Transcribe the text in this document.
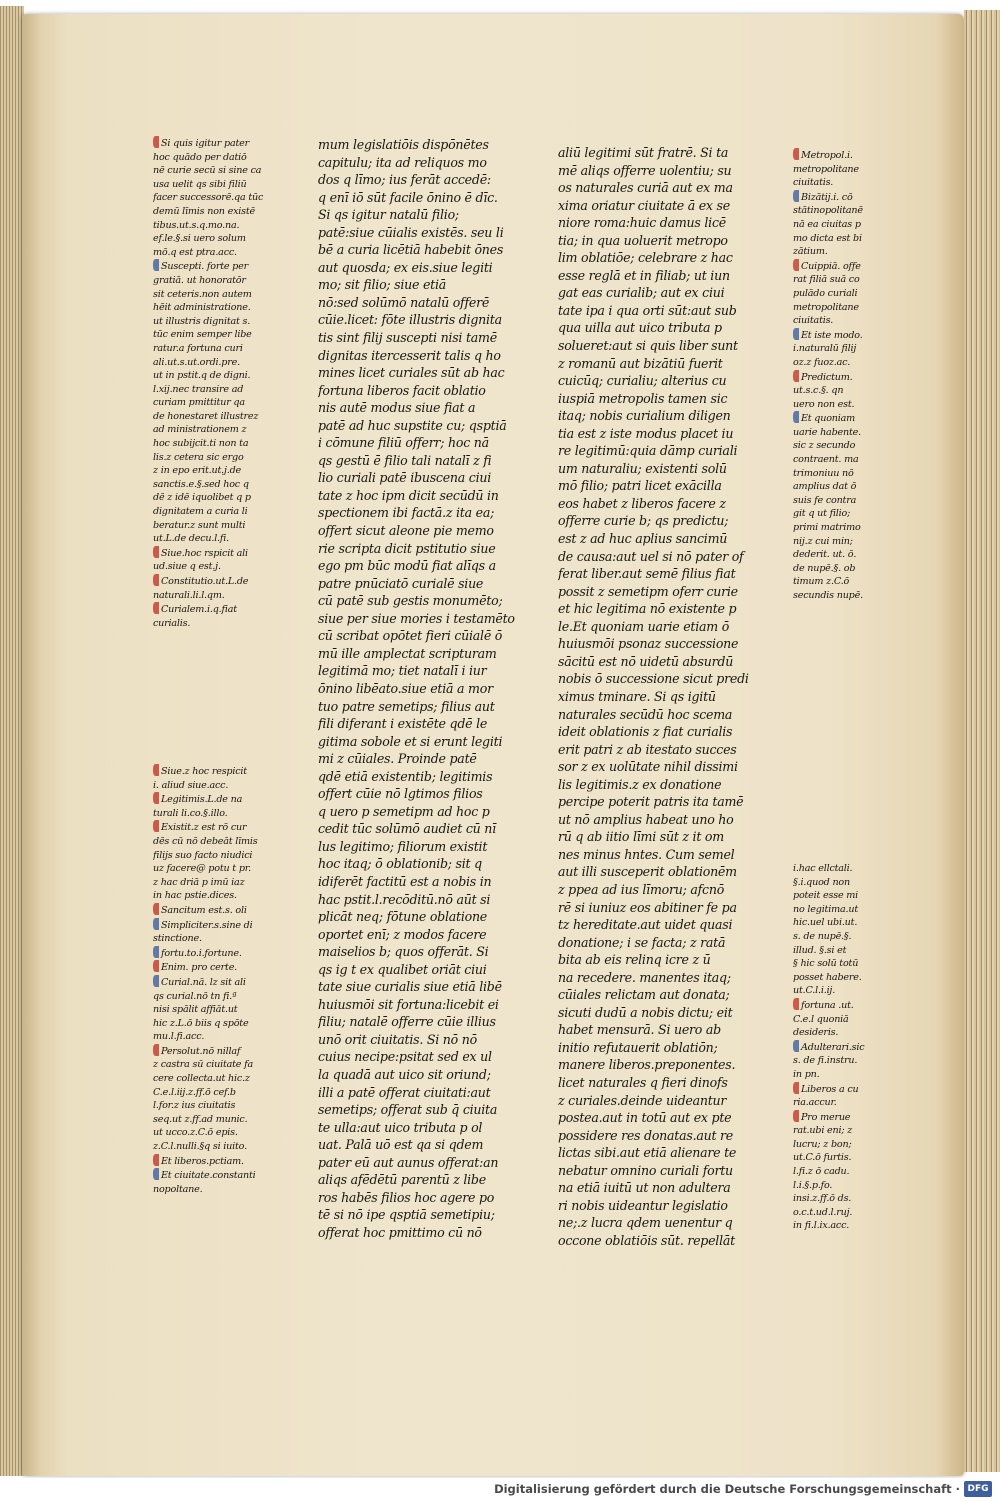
Si quis igitur pater
hoc quādo per datiō
nē curie secū si sine ca
usa uelit qs sibi filiū
facer successorē.qa tūc
demū līmis non existē
tibus.ut.s.q.mo.na.
ef.le.§.si uero solum
mō.q est ptra.acc.
Suscepti. forte per
gratiā. ut honoratōr
sit ceteris.non autem
hēit administratione.
ut illustris dignitat s.
tūc enim semper libe
ratur.a fortuna curi
ali.ut.s.ut.ordi.pre.
ut in pstit.q de digni.
l.xij.nec transire ad
curiam pmittitur qa
de honestaret illustrez
ad ministrationem z
hoc subijcit.ti non ta
lis.z cetera sic ergo
z in epo erit.ut.j.de
sanctis.e.§.sed hoc q
dē z idē iquolibet q p
dignitatem a curia li
beratur.z sunt multi
ut.L.de decu.l.fi.
Siue.hoc rspicit ali
ud.siue q est.j.
Constitutio.ut.L.de
naturali.li.l.qm.
Curialem.i.q.fiat
curialis.
Siue.z hoc respicit
i. aliud siue.acc.
Legitimis.L.de na
turali li.co.§.illo.
Existit.z est rō cur
dēs cū nō debeāt līmis
filijs suo facto niudici
uz facere@ potu t pr.
z hac driā p imū iaz
in hac pstie.dices.
Sancitum est.s. oli
Simpliciter.s.sine di
stinctione.
fortu.to.i.fortune.
Enim. pro certe.
Curial.nā. lz sit ali
qs curial.nō tn fi.ª
nisi spālit affiāt.ut
hic z.L.ō biis q spōte
mu.l.fi.acc.
Persolut.nō nillaf
z castra sū ciuitate fa
cere collecta.ut hic.z
C.e.l.iij.z.ff.ō cef.b
l.for.z ius ciuitatis
seq.ut z.ff.ad munic.
ut ucco.z.C.ō epis.
z.C.l.nulli.§q si iuito.
Et liberos.pctiam.
Et ciuitate.constanti
nopoltane.
mum legislatiōis dispōnētes
capitulu; ita ad reliquos mo
dos q līmo; ius ferāt accedē:
q enī iō sūt facile ōnino ē dīc.
Si qs igitur natalū filio;
patē:siue cūialis existēs. seu li
bē a curia licētiā habebit ōnes
aut quosda; ex eis.siue legiti
mo; sit filio; siue etiā
nō:sed solūmō natalū offerē
cūie.licet: fōte illustris dignita
tis sint filij suscepti nisi tamē
dignitas itercesserit talis q ho
mines licet curiales sūt ab hac
fortuna liberos facit oblatio
nis autē modus siue fiat a
patē ad huc supstite cu; qsptiā
i cōmune filiū offerr; hoc nā
qs gestū ē filio tali natalī z fi
lio curiali patē ibuscena ciui
tate z hoc ipm dicit secūdū in
spectionem ibi factā.z ita ea;
offert sicut aleone pie memo
rie scripta dicit pstitutio siue
ego pm būc modū fiat alīqs a
patre pnūciatō curialē siue
cū patē sub gestis monumēto;
siue per siue mories i testamēto
cū scribat opōtet fieri cūialē ō
mū ille amplectat scripturam
legitimā mo; tiet natalī i iur
ōnino libēato.siue etiā a mor
tuo patre semetips; filius aut
fili diferant i existēte qdē le
gitima sobole et si erunt legiti
mi z cūiales. Proinde patē
qdē etiā existentib; legitimis
offert cūie nō lgtimos filios
q uero p semetipm ad hoc p
cedit tūc solūmō audiet cū nī
lus legitimo; filiorum existit
hoc itaq; ō oblationib; sit q
idiferēt factitū est a nobis in
hac pstit.l.recōditū.nō aūt si
plicāt neq; fōtune oblatione
oportet enī; z modos facere
maiselios b; quos offerāt. Si
qs ig t ex qualibet oriāt ciui
tate siue curialis siue etiā libē
huiusmōi sit fortuna:licebit ei
filiu; natalē offerre cūie illius
unō orit ciuitatis. Si nō nō
cuius necipe:psitat sed ex ul
la quadā aut uico sit oriund;
illi a patē offerat ciuitati:aut
semetips; offerat sub q̄ ciuita
te ulla:aut uico tributa p ol
uat. Palā uō est qa si qdem
pater eū aut aunus offerat:an
aliqs afēdētū parentū z libe
ros habēs filios hoc agere po
tē si nō ipe qsptiā semetipiu;
offerat hoc pmittimo cū nō
aliū legitimi sūt fratrē. Si ta
mē aliqs offerre uolentiu; su
os naturales curiā aut ex ma
xima oriatur ciuitate ā ex se
niore roma:huic damus licē
tia; in qua uoluerit metropo
lim oblatiōe; celebrare z hac
esse reglā et in filiab; ut iun
gat eas curialib; aut ex ciui
tate ipa i qua orti sūt:aut sub
qua uilla aut uico tributa p
solueret:aut si quis liber sunt
z romanū aut bizātiū fuerit
cuicūq; curialiu; alterius cu
iuspiā metropolis tamen sic
itaq; nobis curialium diligen
tia est z iste modus placet iu
re legitimū:quia dāmp curiali
um naturaliu; existenti solū
mō filio; patri licet exācilla
eos habet z liberos facere z
offerre curie b; qs predictu;
est z ad huc aplius sancimū
de causa:aut uel si nō pater of
ferat liber.aut semē filius fiat
possit z semetipm oferr curie
et hic legitima nō existente p
le.Et quoniam uarie etiam ō
huiusmōi psonaz successione
sācitū est nō uidetū absurdū
nobis ō successione sicut predi
ximus tminare. Si qs igitū
naturales secūdū hoc scema
ideit oblationis z fiat curialis
erit patri z ab itestato succes
sor z ex uolūtate nihil dissimi
lis legitimis.z ex donatione
percipe poterit patris ita tamē
ut nō amplius habeat uno ho
rū q ab iitio līmi sūt z it om
nes minus hntes. Cum semel
aut illi susceperit oblationēm
z ppea ad ius līmoru; afcnō
rē si iuniuz eos abitiner fe pa
tz hereditate.aut uidet quasi
donatione; i se facta; z ratā
bita ab eis relinq icre z ū
na recedere. manentes itaq;
cūiales relictam aut donata;
sicuti dudū a nobis dictu; eit
habet mensurā. Si uero ab
initio refutauerit oblatiōn;
manere liberos.preponentes.
licet naturales q fieri dinofs
z curiales.deinde uideantur
postea.aut in totū aut ex pte
possidere res donatas.aut re
lictas sibi.aut etiā alienare te
nebatur omnino curiali fortu
na etiā iuitū ut non adultera
ri nobis uideantur legislatio
ne;.z lucra qdem uenentur q
occone oblatiōis sūt. repellāt
Metropol.i.
metropolitane
ciuitatis.
Bizātij.i. cō
stātinopolitanē
nā ea ciuitas p
mo dicta est bi
zātium.
Cuippiā. offe
rat filiā suā co
pulādo curiali
metropolitane
ciuitatis.
Et iste modo.
i.naturalū filij
oz.z fuoz.ac.
Predictum.
ut.s.c.§. qn
uero non est.
Et quoniam
uarie habente.
sic z secundo
contraent. ma
trimoniuu nō
amplius dat ō
suis fe contra
git q ut filio;
primi matrimo
nij.z cui min;
dederit. ut. ō.
de nupē.§. ob
timum z.C.ō
secundis nupē.
i.hac ellctali.
§.i.quod non
poteit esse mi
no legitima.ut
hic.uel ubi.ut.
s. de nupē.§.
illud. §.si et
§ hic solū totū
posset habere.
ut.C.l.i.ij.
fortuna .ut.
C.e.l quoniā
desideris.
Adulterari.sic
s. de fi.instru.
in pn.
Liberos a cu
ria.accur.
Pro merue
rat.ubi eni; z
lucru; z bon;
ut.C.ō furtis.
l.fi.z ō cadu.
l.i.§.p.fo.
insi.z.ff.ō ds.
o.c.t.ud.l.ruj.
in fi.l.ix.acc.
Digitalisierung gefördert durch die Deutsche Forschungsgemeinschaft · DFG
